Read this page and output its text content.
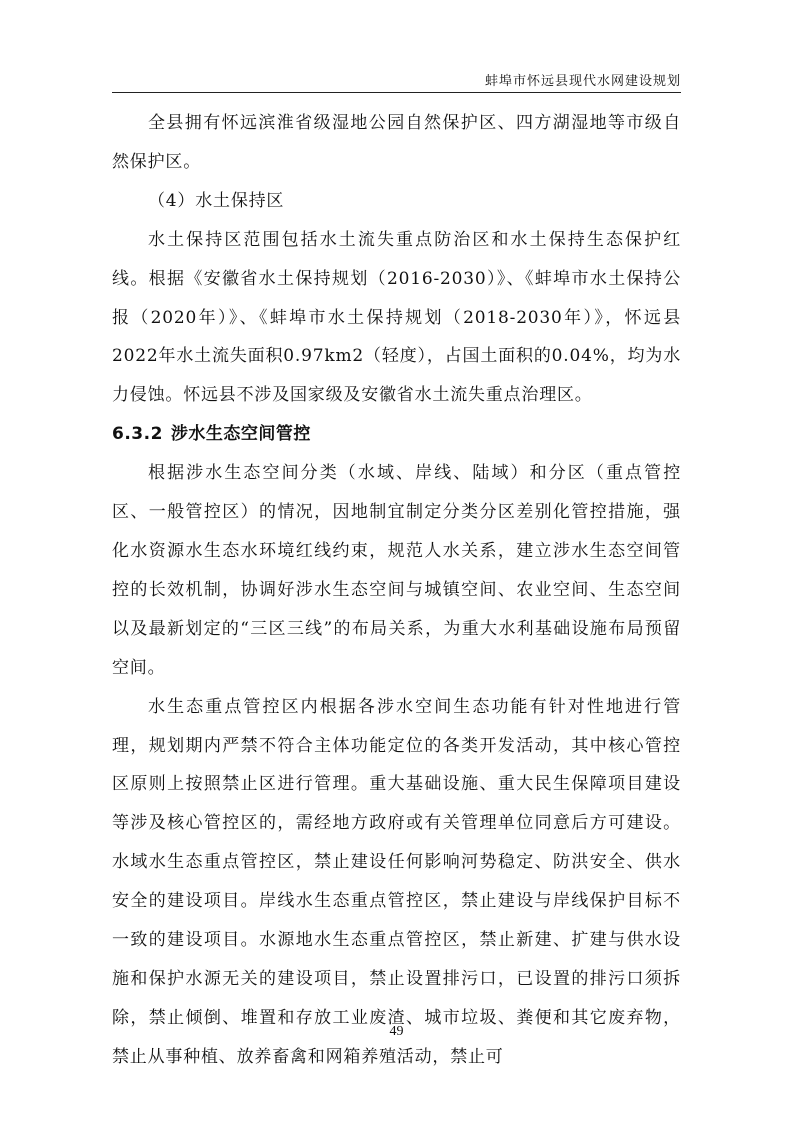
蚌埠市怀远县现代水网建设规划

全县拥有怀远滨淮省级湿地公园自然保护区、四方湖湿地等市级自然保护区。

（4）水土保持区

水土保持区范围包括水土流失重点防治区和水土保持生态保护红线。根据《安徽省水土保持规划（2016-2030）》、《蚌埠市水土保持公报（2020年）》、《蚌埠市水土保持规划（2018-2030年）》，怀远县2022年水土流失面积0.97km2（轻度），占国土面积的0.04%，均为水力侵蚀。怀远县不涉及国家级及安徽省水土流失重点治理区。

6.3.2 涉水生态空间管控

根据涉水生态空间分类（水域、岸线、陆域）和分区（重点管控区、一般管控区）的情况，因地制宜制定分类分区差别化管控措施，强化水资源水生态水环境红线约束，规范人水关系，建立涉水生态空间管控的长效机制，协调好涉水生态空间与城镇空间、农业空间、生态空间以及最新划定的“三区三线”的布局关系，为重大水利基础设施布局预留空间。

水生态重点管控区内根据各涉水空间生态功能有针对性地进行管理，规划期内严禁不符合主体功能定位的各类开发活动，其中核心管控区原则上按照禁止区进行管理。重大基础设施、重大民生保障项目建设等涉及核心管控区的，需经地方政府或有关管理单位同意后方可建设。水域水生态重点管控区，禁止建设任何影响河势稳定、防洪安全、供水安全的建设项目。岸线水生态重点管控区，禁止建设与岸线保护目标不一致的建设项目。水源地水生态重点管控区，禁止新建、扩建与供水设施和保护水源无关的建设项目，禁止设置排污口，已设置的排污口须拆除，禁止倾倒、堆置和存放工业废渣、城市垃圾、粪便和其它废弃物，禁止从事种植、放养畜禽和网箱养殖活动，禁止可

49
